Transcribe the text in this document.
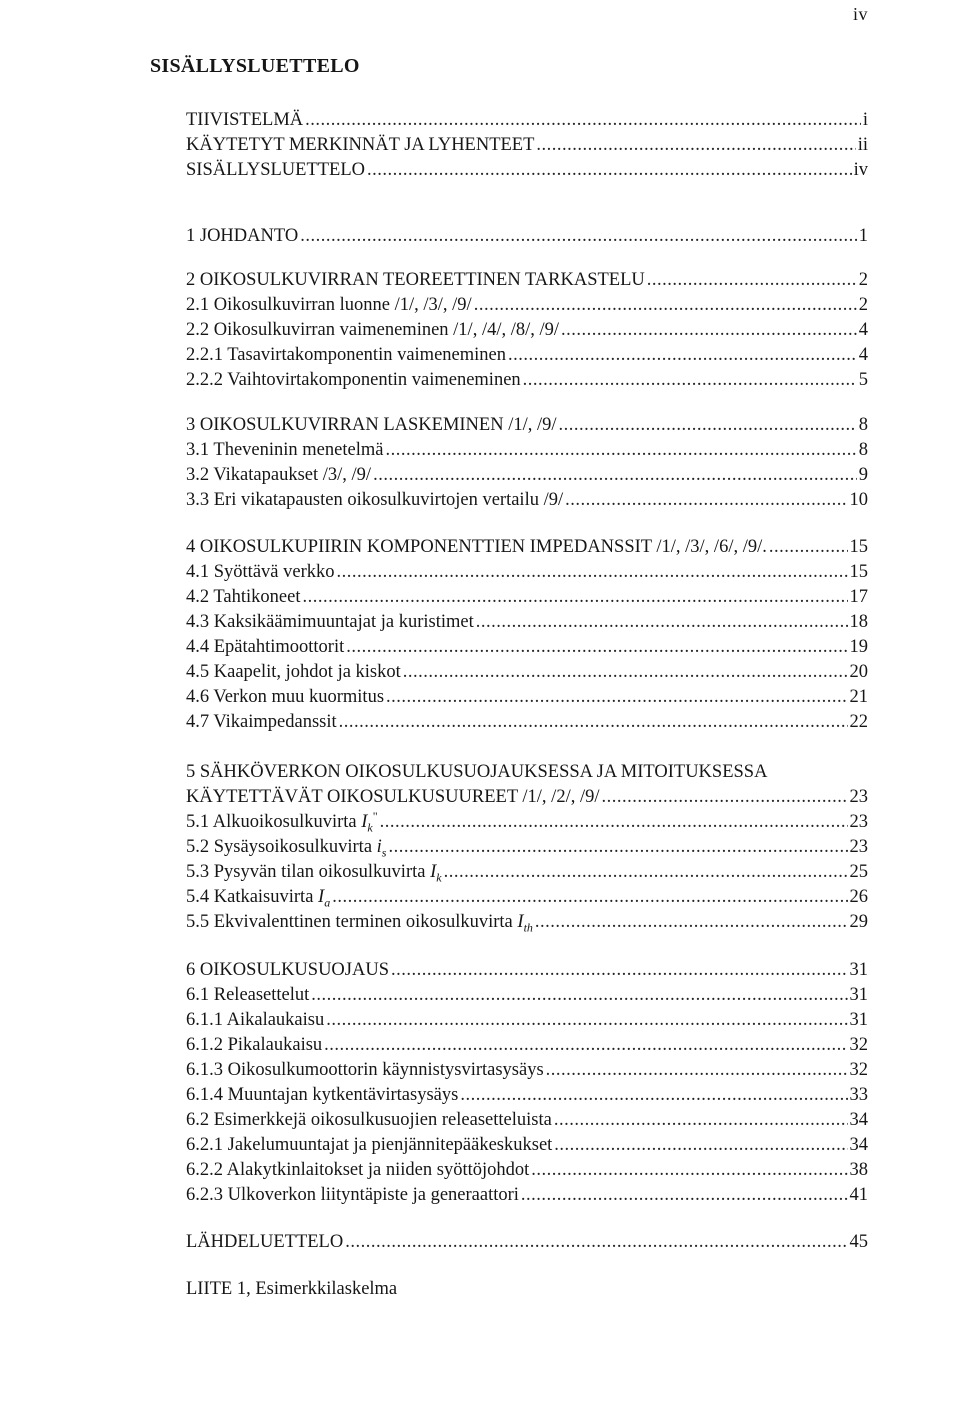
iv
SISÄLLYSLUETTELO
TIIVISTELMÄ .....	i
KÄYTETYT MERKINNÄT JA LYHENTEET .....	ii
SISÄLLYSLUETTELO .....	iv
1 JOHDANTO .....	1
2 OIKOSULKUVIRRAN TEOREETTINEN TARKASTELU .....	2
2.1 Oikosulkuvirran luonne /1/, /3/, /9/ .....	2
2.2 Oikosulkuvirran vaimeneminen /1/, /4/, /8/, /9/ .....	4
2.2.1 Tasavirtakomponentin vaimeneminen .....	4
2.2.2 Vaihtovirtakomponentin vaimeneminen .....	5
3 OIKOSULKUVIRRAN LASKEMINEN /1/, /9/ .....	8
3.1 Theveninin menetelmä .....	8
3.2 Vikatapaukset /3/, /9/ .....	9
3.3 Eri vikatapausten oikosulkuvirtojen vertailu /9/ .....	10
4 OIKOSULKUPIIRIN KOMPONENTTIEN IMPEDANSSIT /1/, /3/, /6/, /9/. .....	15
4.1 Syöttävä verkko .....	15
4.2 Tahtikoneet .....	17
4.3 Kaksikäämimuuntajat ja kuristimet .....	18
4.4 Epätahtimoottorit .....	19
4.5 Kaapelit, johdot ja kiskot .....	20
4.6 Verkon muu kuormitus .....	21
4.7 Vikaimpedanssit .....	22
5 SÄHKÖVERKON OIKOSULKUSUOJAUKSESSA JA MITOITUKSESSA
KÄYTETTÄVÄT OIKOSULKUSUUREET /1/, /2/, /9/ .....	23
5.1 Alkuoikosulkuvirta $I_k^"$ .....	23
5.2 Sysäysoikosulkuvirta $i_s$ .....	23
5.3 Pysyvän tilan oikosulkuvirta $I_k$ .....	25
5.4 Katkaisuvirta $I_a$ .....	26
5.5 Ekvivalenttinen terminen oikosulkuvirta $I_{th}$ .....	29
6 OIKOSULKUSUOJAUS .....	31
6.1 Releasettelut .....	31
6.1.1 Aikalaukaisu .....	31
6.1.2 Pikalaukaisu .....	32
6.1.3 Oikosulkumoottorin käynnistysvirtasysäys .....	32
6.1.4 Muuntajan kytkentävirtasysäys .....	33
6.2 Esimerkkejä oikosulkusuojien releasetteluista .....	34
6.2.1 Jakelumuuntajat ja pienjännitepääkeskukset .....	34
6.2.2 Alakytkinlaitokset ja niiden syöttöjohdot .....	38
6.2.3 Ulkoverkon liityntäpiste ja generaattori .....	41
LÄHDELUETTELO .....	45
LIITE 1, Esimerkkilaskelma
